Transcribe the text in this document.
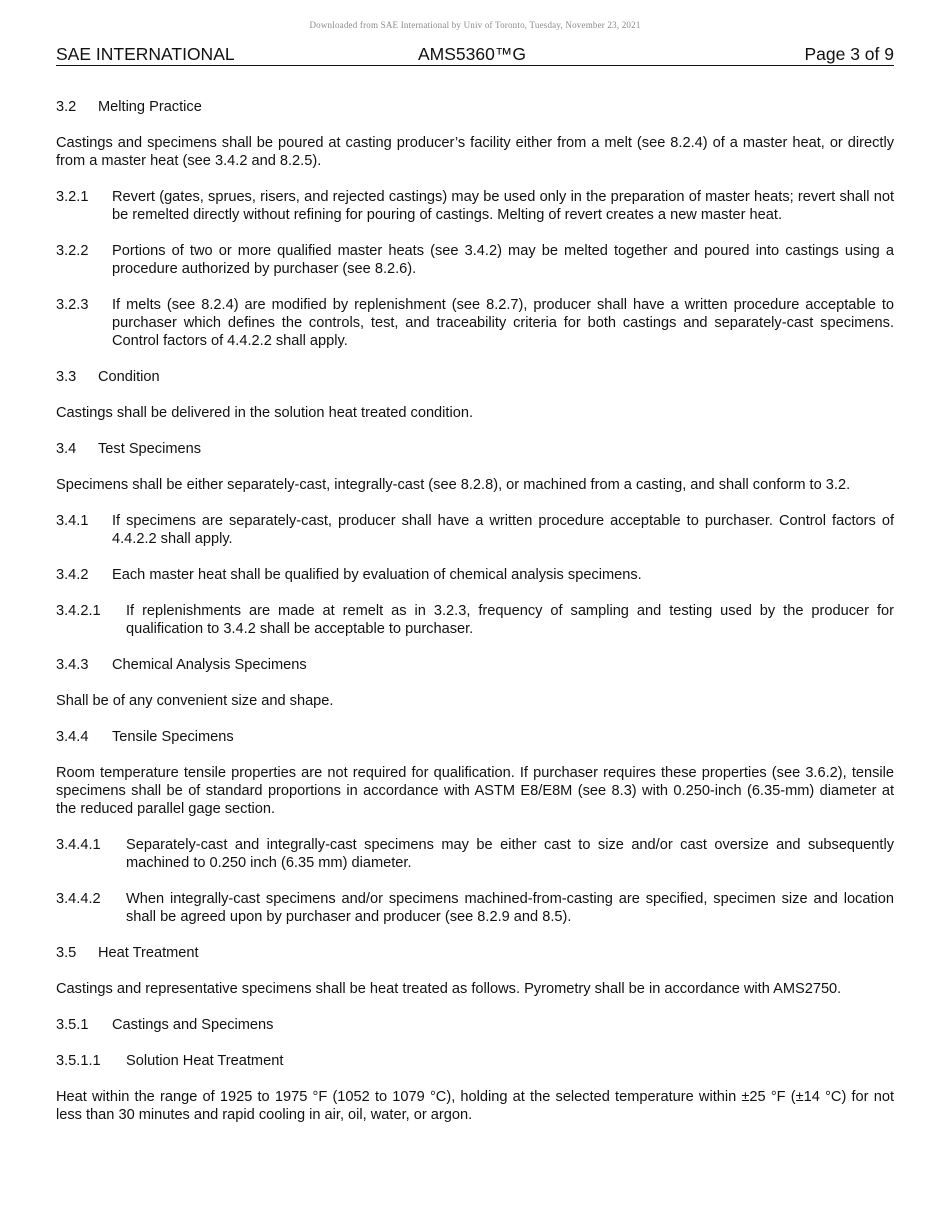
Downloaded from SAE International by Univ of Toronto, Tuesday, November 23, 2021
SAE INTERNATIONAL	AMS5360™G	Page 3 of 9
3.2 Melting Practice

Castings and specimens shall be poured at casting producer’s facility either from a melt (see 8.2.4) of a master heat, or directly from a master heat (see 3.4.2 and 8.2.5).

3.2.1	Revert (gates, sprues, risers, and rejected castings) may be used only in the preparation of master heats; revert shall not be remelted directly without refining for pouring of castings. Melting of revert creates a new master heat.
3.2.2	Portions of two or more qualified master heats (see 3.4.2) may be melted together and poured into castings using a procedure authorized by purchaser (see 8.2.6).
3.2.3	If melts (see 8.2.4) are modified by replenishment (see 8.2.7), producer shall have a written procedure acceptable to purchaser which defines the controls, test, and traceability criteria for both castings and separately-cast specimens. Control factors of 4.4.2.2 shall apply.
3.3 Condition

Castings shall be delivered in the solution heat treated condition.

3.4 Test Specimens

Specimens shall be either separately-cast, integrally-cast (see 8.2.8), or machined from a casting, and shall conform to 3.2.

3.4.1	If specimens are separately-cast, producer shall have a written procedure acceptable to purchaser. Control factors of 4.4.2.2 shall apply.
3.4.2	Each master heat shall be qualified by evaluation of chemical analysis specimens.
3.4.2.1	If replenishments are made at remelt as in 3.2.3, frequency of sampling and testing used by the producer for qualification to 3.4.2 shall be acceptable to purchaser.
3.4.3 Chemical Analysis Specimens

Shall be of any convenient size and shape.

3.4.4 Tensile Specimens

Room temperature tensile properties are not required for qualification. If purchaser requires these properties (see 3.6.2), tensile specimens shall be of standard proportions in accordance with ASTM E8/E8M (see 8.3) with 0.250-inch (6.35-mm) diameter at the reduced parallel gage section.

3.4.4.1	Separately-cast and integrally-cast specimens may be either cast to size and/or cast oversize and subsequently machined to 0.250 inch (6.35 mm) diameter.
3.4.4.2	When integrally-cast specimens and/or specimens machined-from-casting are specified, specimen size and location shall be agreed upon by purchaser and producer (see 8.2.9 and 8.5).
3.5 Heat Treatment

Castings and representative specimens shall be heat treated as follows. Pyrometry shall be in accordance with AMS2750.

3.5.1 Castings and Specimens
3.5.1.1 Solution Heat Treatment

Heat within the range of 1925 to 1975 °F (1052 to 1079 °C), holding at the selected temperature within ±25 °F (±14 °C) for not less than 30 minutes and rapid cooling in air, oil, water, or argon.
